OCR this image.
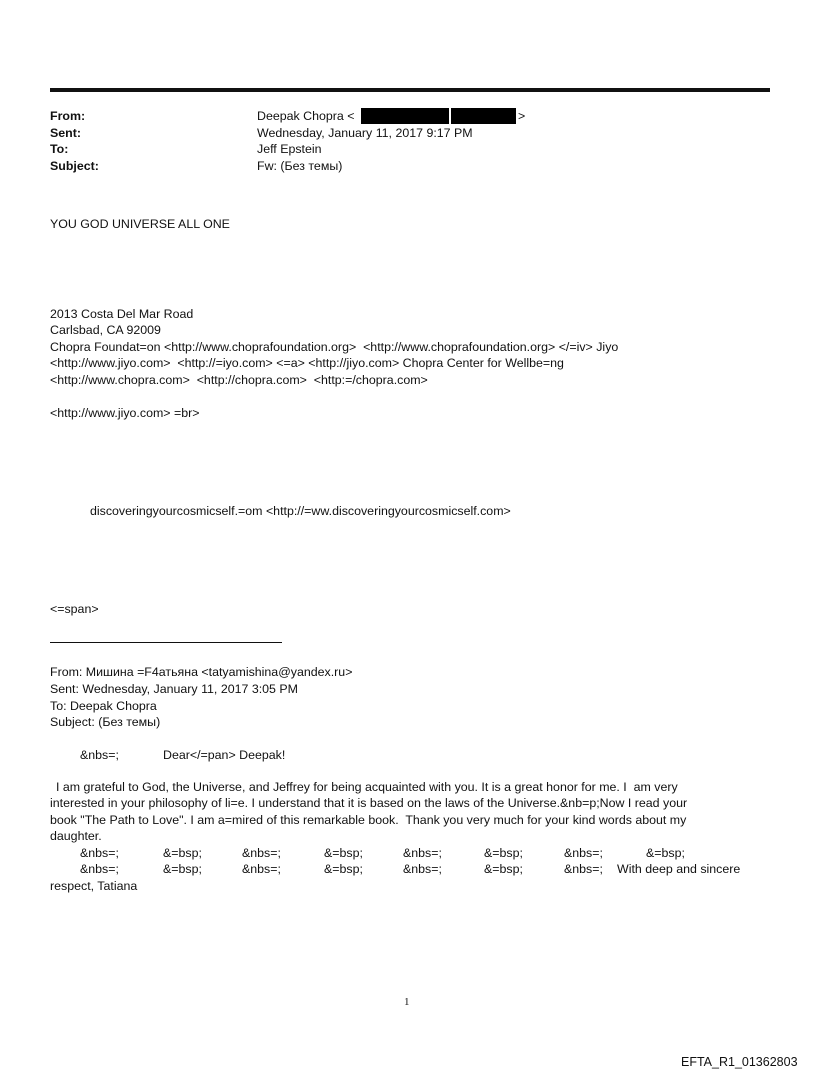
From:	Deepak Chopra <	>
Sent:	Wednesday, January 11, 2017 9:17 PM
To:	Jeff Epstein
Subject:	Fw: (Без темы)
YOU GOD UNIVERSE ALL ONE
2013 Costa Del Mar Road
Carlsbad, CA 92009
Chopra Foundat=on <http://www.choprafoundation.org>  <http://www.choprafoundation.org> </=iv> Jiyo
<http://www.jiyo.com>  <http://=iyo.com> <=a> <http://jiyo.com> Chopra Center for Wellbe=ng
<http://www.chopra.com>  <http://chopra.com>  <http:=/chopra.com>
<http://www.jiyo.com> =br>
discoveringyourcosmicself.=om <http://=ww.discoveringyourcosmicself.com>
<=span>
From: Мишина =F4атьяна <tatyamishina@yandex.ru>
Sent: Wednesday, January 11, 2017 3:05 PM
To: Deepak Chopra
Subject: (Без темы)
&nbs=;	Dear</=pan> Deepak!
I am grateful to God, the Universe, and Jeffrey for being acquainted with you. It is a great honor for me. I  am very
interested in your philosophy of li=e. I understand that it is based on the laws of the Universe.&nb=p;Now I read your
book "The Path to Love". I am a=mired of this remarkable book.  Thank you very much for your kind words about my
daughter.
&nbs=;	&=bsp;	&nbs=;	&=bsp;	&nbs=;	&=bsp;	&nbs=;	&=bsp;
&nbs=;	&=bsp;	&nbs=;	&=bsp;	&nbs=;	&=bsp;	&nbs=; With deep and sincere
respect, Tatiana
1
EFTA_R1_01362803
